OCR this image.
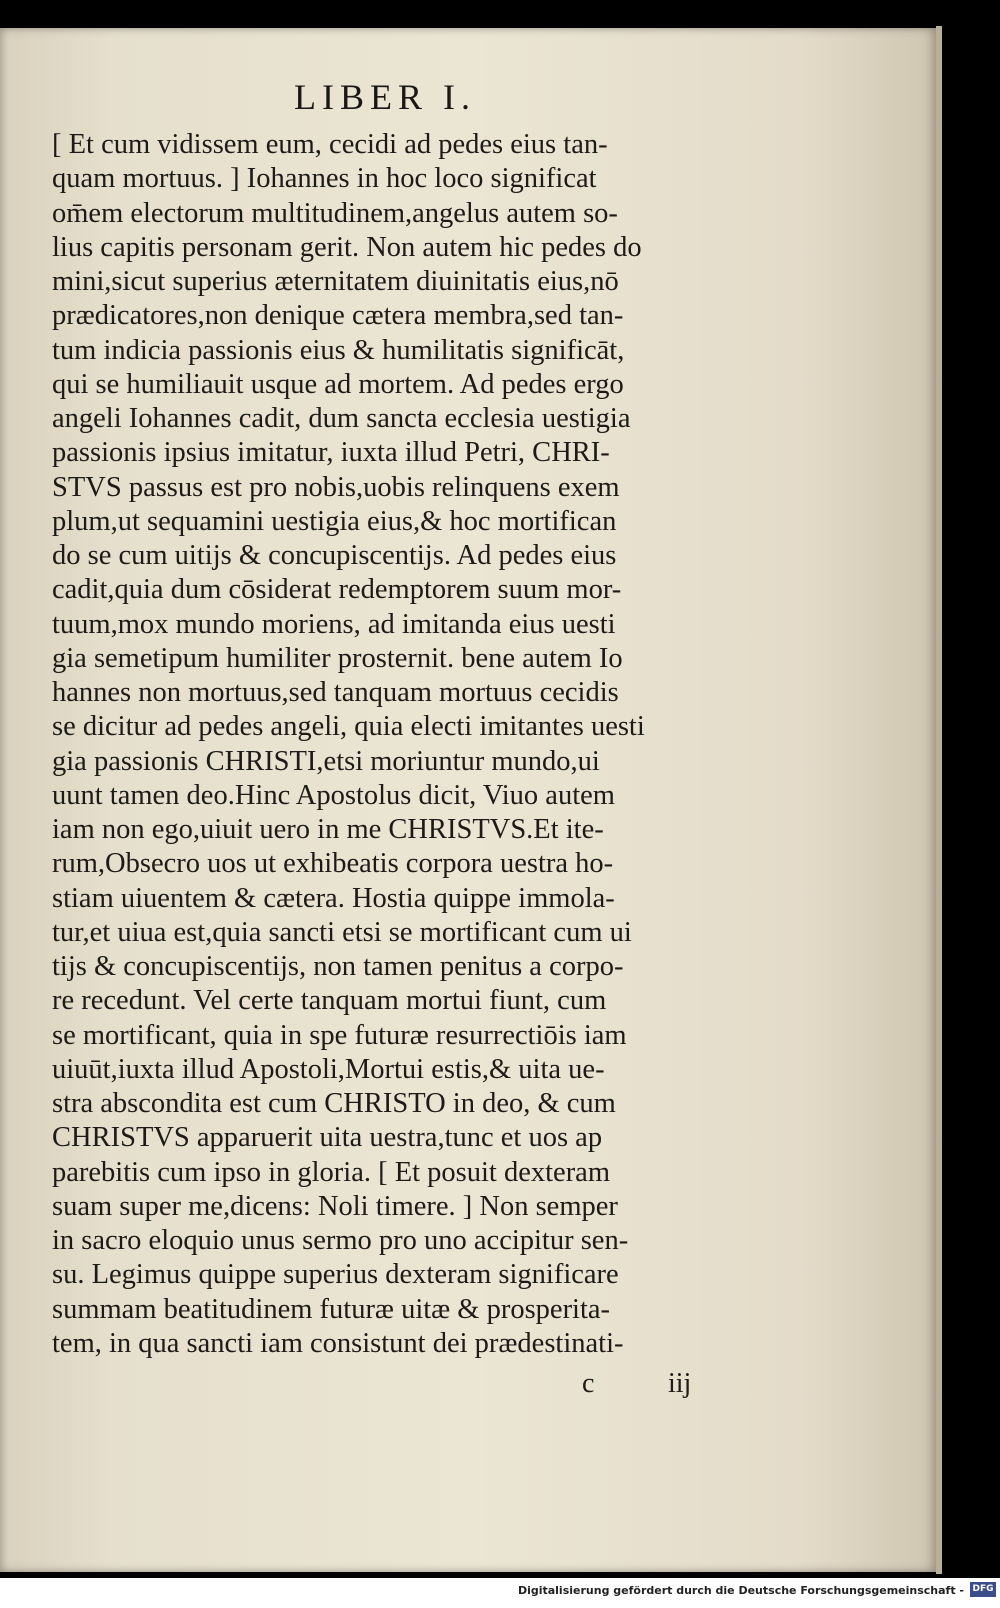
LIBER I.
[ Et cum vidissem eum, cecidi ad pedes eius tan-
quam mortuus. ] Iohannes in hoc loco significat
om̄em electorum multitudinem,angelus autem so-
lius capitis personam gerit. Non autem hic pedes do
mini,sicut superius æternitatem diuinitatis eius,nō
prædicatores,non denique cætera membra,sed tan-
tum indicia passionis eius & humilitatis significāt,
qui se humiliauit usque ad mortem. Ad pedes ergo
angeli Iohannes cadit, dum sancta ecclesia uestigia
passionis ipsius imitatur, iuxta illud Petri, CHRI-
STVS passus est pro nobis,uobis relinquens exem
plum,ut sequamini uestigia eius,& hoc mortifican
do se cum uitijs & concupiscentijs. Ad pedes eius
cadit,quia dum cōsiderat redemptorem suum mor-
tuum,mox mundo moriens, ad imitanda eius uesti
gia semetipum humiliter prosternit. bene autem Io
hannes non mortuus,sed tanquam mortuus cecidis
se dicitur ad pedes angeli, quia electi imitantes uesti
gia passionis CHRISTI,etsi moriuntur mundo,ui
uunt tamen deo.Hinc Apostolus dicit, Viuo autem
iam non ego,uiuit uero in me CHRISTVS.Et ite-
rum,Obsecro uos ut exhibeatis corpora uestra ho-
stiam uiuentem & cætera. Hostia quippe immola-
tur,et uiua est,quia sancti etsi se mortificant cum ui
tijs & concupiscentijs, non tamen penitus a corpo-
re recedunt. Vel certe tanquam mortui fiunt, cum
se mortificant, quia in spe futuræ resurrectiōis iam
uiuūt,iuxta illud Apostoli,Mortui estis,& uita ue-
stra abscondita est cum CHRISTO in deo, & cum
CHRISTVS apparuerit uita uestra,tunc et uos ap
parebitis cum ipso in gloria. [ Et posuit dexteram
suam super me,dicens: Noli timere. ] Non semper
in sacro eloquio unus sermo pro uno accipitur sen-
su. Legimus quippe superius dexteram significare
summam beatitudinem futuræ uitæ & prosperita-
tem, in qua sancti iam consistunt dei prædestinati-
c	iij
Digitalisierung gefördert durch die Deutsche Forschungsgemeinschaft - DFG
